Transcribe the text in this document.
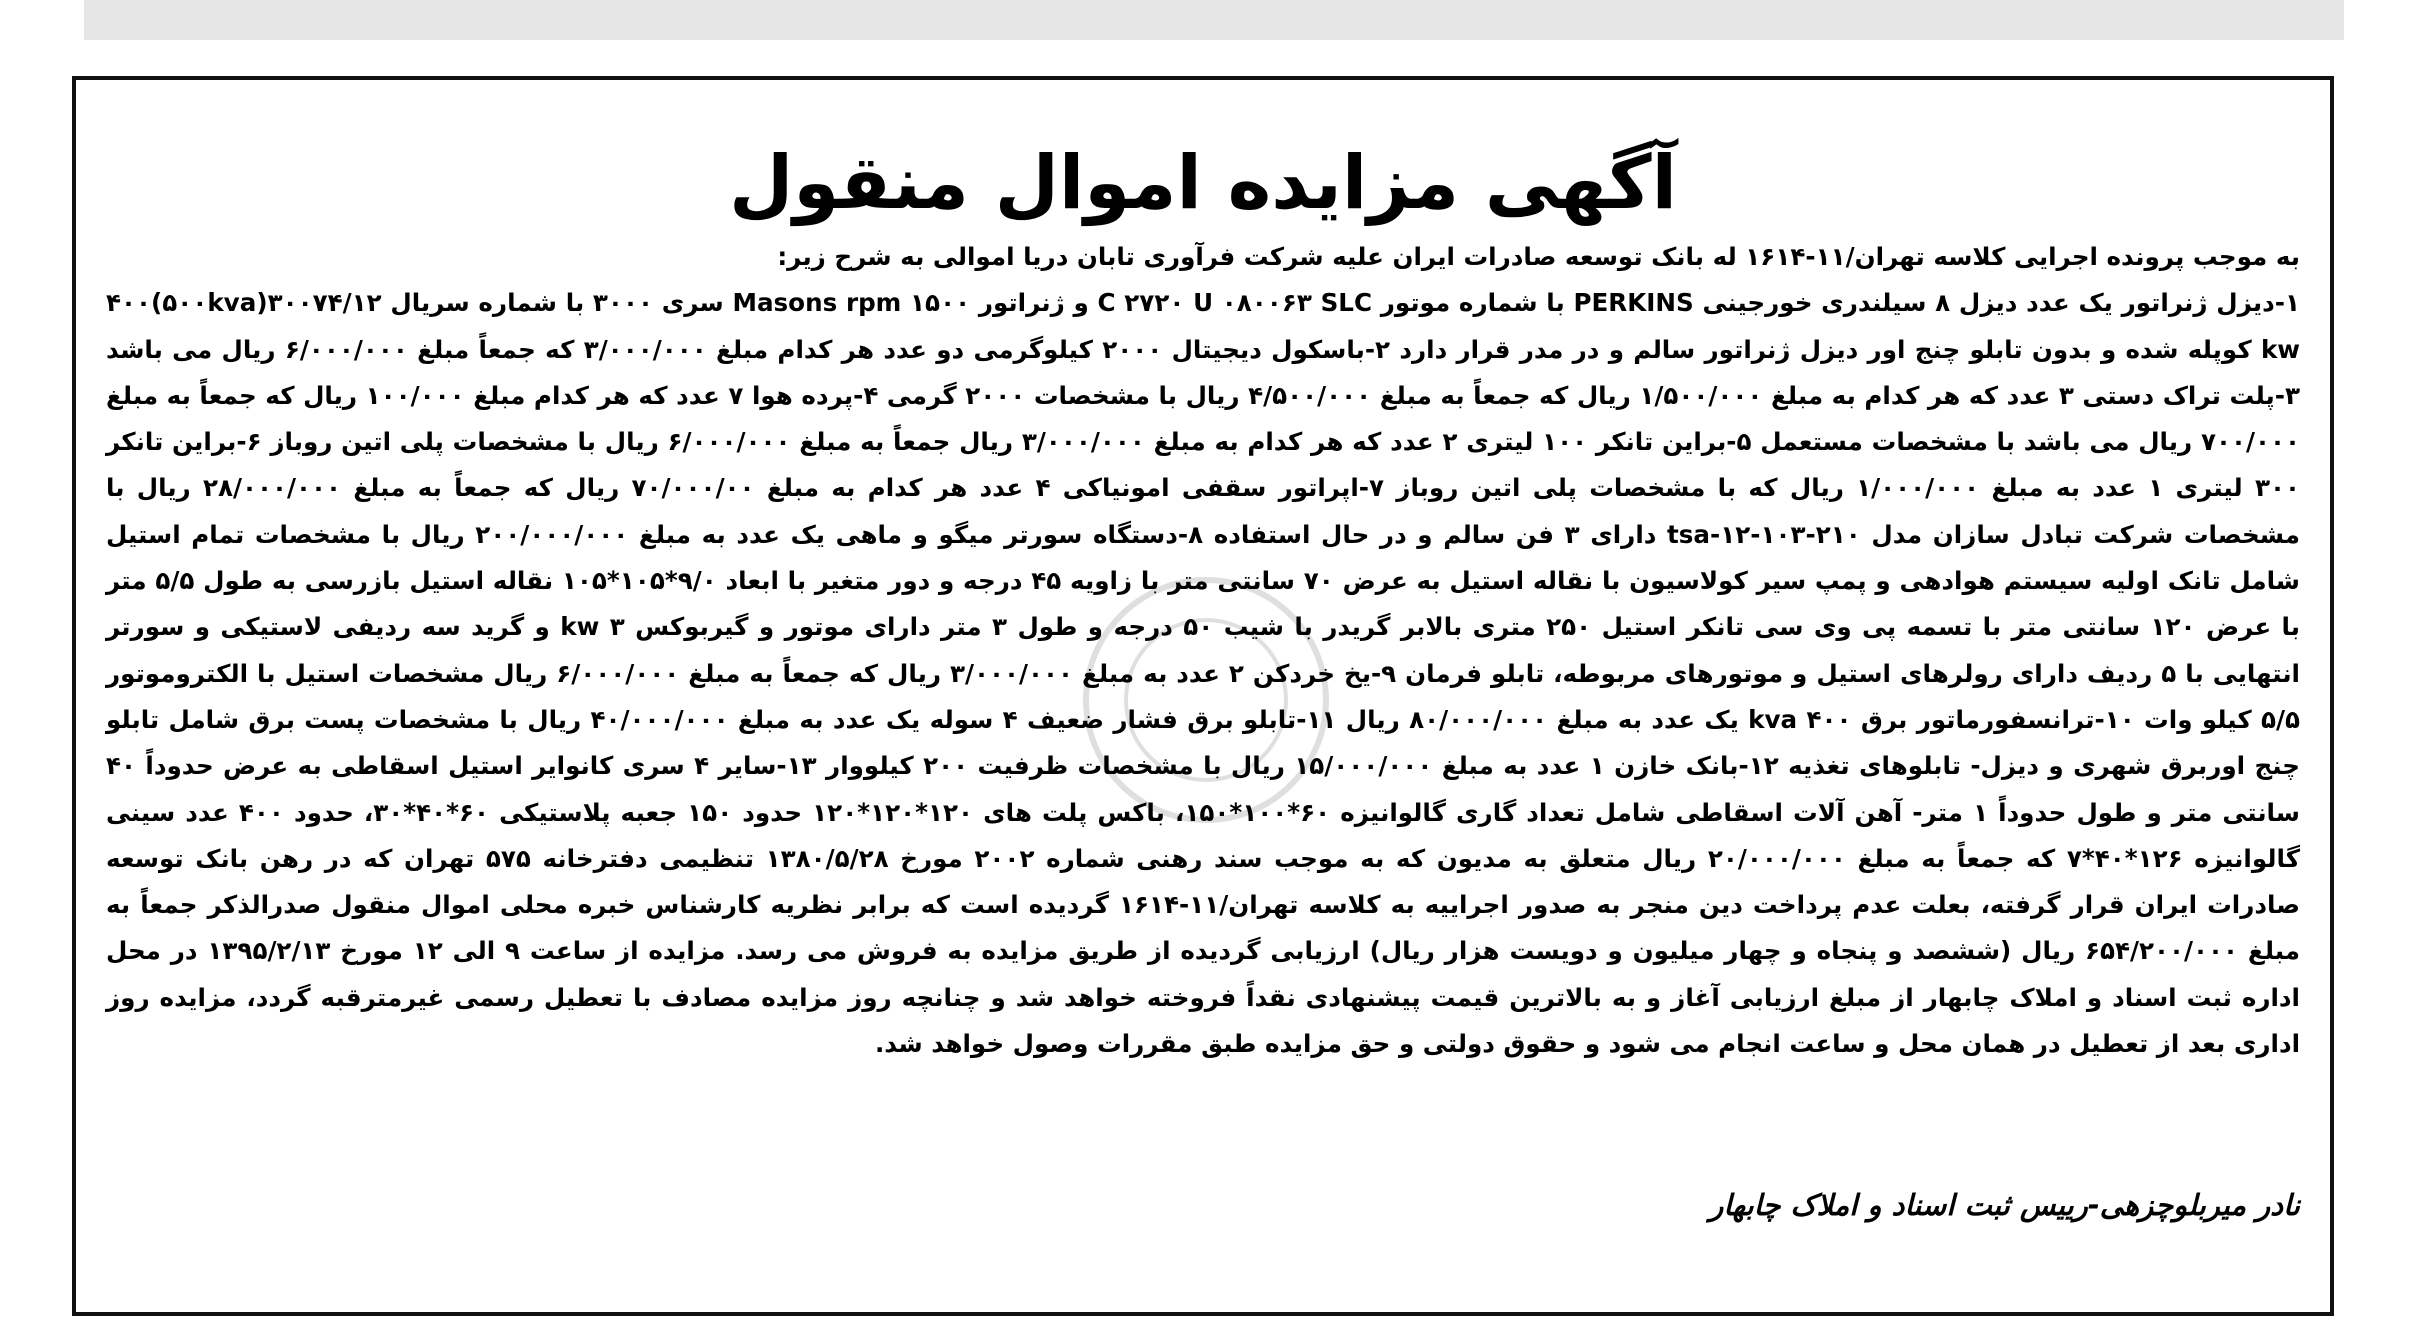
آگهی مزایده اموال منقول

به موجب پرونده اجرایی کلاسه تهران/۱۱-۱۶۱۴ له بانک توسعه صادرات ایران علیه شرکت فرآوری تابان دریا اموالی به شرح زیر:

۱-دیزل ژنراتور یک عدد دیزل ۸ سیلندری خورجینی PERKINS با شماره موتور C ۲۷۲۰ U ۰۸۰۰۶۳ SLC و ژنراتور Masons rpm ۱۵۰۰ سری ۳۰۰۰ با شماره سریال ۳۰۰۷۴/۱۲(۵۰۰kva)۴۰۰ kw کوپله شده و بدون تابلو چنج اور دیزل ژنراتور سالم و در مدر قرار دارد ۲-باسکول دیجیتال ۲۰۰۰ کیلوگرمی دو عدد هر کدام مبلغ ۳/۰۰۰/۰۰۰ که جمعاً مبلغ ۶/۰۰۰/۰۰۰ ریال می باشد ۳-پلت تراک دستی ۳ عدد که هر کدام به مبلغ ۱/۵۰۰/۰۰۰ ریال که جمعاً به مبلغ ۴/۵۰۰/۰۰۰ ریال با مشخصات ۲۰۰۰ گرمی ۴-پرده هوا ۷ عدد که هر کدام مبلغ ۱۰۰/۰۰۰ ریال که جمعاً به مبلغ ۷۰۰/۰۰۰ ریال می باشد با مشخصات مستعمل ۵-براین تانکر ۱۰۰ لیتری ۲ عدد که هر کدام به مبلغ ۳/۰۰۰/۰۰۰ ریال جمعاً به مبلغ ۶/۰۰۰/۰۰۰ ریال با مشخصات پلی اتین روباز ۶-براین تانکر ۳۰۰ لیتری ۱ عدد به مبلغ ۱/۰۰۰/۰۰۰ ریال که با مشخصات پلی اتین روباز ۷-اپراتور سقفی امونیاکی ۴ عدد هر کدام به مبلغ ۷۰/۰۰۰/۰۰ ریال که جمعاً به مبلغ ۲۸/۰۰۰/۰۰۰ ریال با مشخصات شرکت تبادل سازان مدل ۲۱۰-۱۰۳-۱۲-tsa دارای ۳ فن سالم و در حال استفاده ۸-دستگاه سورتر میگو و ماهی یک عدد به مبلغ ۲۰۰/۰۰۰/۰۰۰ ریال با مشخصات تمام استیل شامل تانک اولیه سیستم هوادهی و پمپ سیر کولاسیون با نقاله استیل به عرض ۷۰ سانتی متر با زاویه ۴۵ درجه و دور متغیر با ابعاد ۹/۰*۱۰۵*۱۰۵ نقاله استیل بازرسی به طول ۵/۵ متر با عرض ۱۲۰ سانتی متر با تسمه پی وی سی تانکر استیل ۲۵۰ متری بالابر گریدر با شیب ۵۰ درجه و طول ۳ متر دارای موتور و گیربوکس kw ۳ و گرید سه ردیفی لاستیکی و سورتر انتهایی با ۵ ردیف دارای رولرهای استیل و موتورهای مربوطه، تابلو فرمان ۹-یخ خردکن ۲ عدد به مبلغ ۳/۰۰۰/۰۰۰ ریال که جمعاً به مبلغ ۶/۰۰۰/۰۰۰ ریال مشخصات استیل با الکتروموتور ۵/۵ کیلو وات ۱۰-ترانسفورماتور برق kva ۴۰۰ یک عدد به مبلغ ۸۰/۰۰۰/۰۰۰ ریال ۱۱-تابلو برق فشار ضعیف ۴ سوله یک عدد به مبلغ ۴۰/۰۰۰/۰۰۰ ریال با مشخصات پست برق شامل تابلو چنج اوربرق شهری و دیزل- تابلوهای تغذیه ۱۲-بانک خازن ۱ عدد به مبلغ ۱۵/۰۰۰/۰۰۰ ریال با مشخصات ظرفیت ۲۰۰ کیلووار ۱۳-سایر ۴ سری کانوایر استیل اسقاطی به عرض حدوداً ۴۰ سانتی متر و طول حدوداً ۱ متر- آهن آلات اسقاطی شامل تعداد گاری گالوانیزه ۶۰*۱۰۰*۱۵۰، باکس پلت های ۱۲۰*۱۲۰*۱۲۰ حدود ۱۵۰ جعبه پلاستیکی ۶۰*۴۰*۳۰، حدود ۴۰۰ عدد سینی گالوانیزه ۱۲۶*۴۰*۷ که جمعاً به مبلغ ۲۰/۰۰۰/۰۰۰ ریال متعلق به مدیون که به موجب سند رهنی شماره ۲۰۰۲ مورخ ۱۳۸۰/۵/۲۸ تنظیمی دفترخانه ۵۷۵ تهران که در رهن بانک توسعه صادرات ایران قرار گرفته، بعلت عدم پرداخت دین منجر به صدور اجراییه به کلاسه تهران/۱۱-۱۶۱۴ گردیده است که برابر نظریه کارشناس خبره محلی اموال منقول صدرالذکر جمعاً به مبلغ ۶۵۴/۲۰۰/۰۰۰ ریال (ششصد و پنجاه و چهار میلیون و دویست هزار ریال) ارزیابی گردیده از طریق مزایده به فروش می رسد. مزایده از ساعت ۹ الی ۱۲ مورخ ۱۳۹۵/۲/۱۳ در محل اداره ثبت اسناد و املاک چابهار از مبلغ ارزیابی آغاز و به بالاترین قیمت پیشنهادی نقداً فروخته خواهد شد و چنانچه روز مزایده مصادف با تعطیل رسمی غیرمترقبه گردد، مزایده روز اداری بعد از تعطیل در همان محل و ساعت انجام می شود و حقوق دولتی و حق مزایده طبق مقررات وصول خواهد شد.

نادر میربلوچزهی-رییس ثبت اسناد و املاک چابهار
